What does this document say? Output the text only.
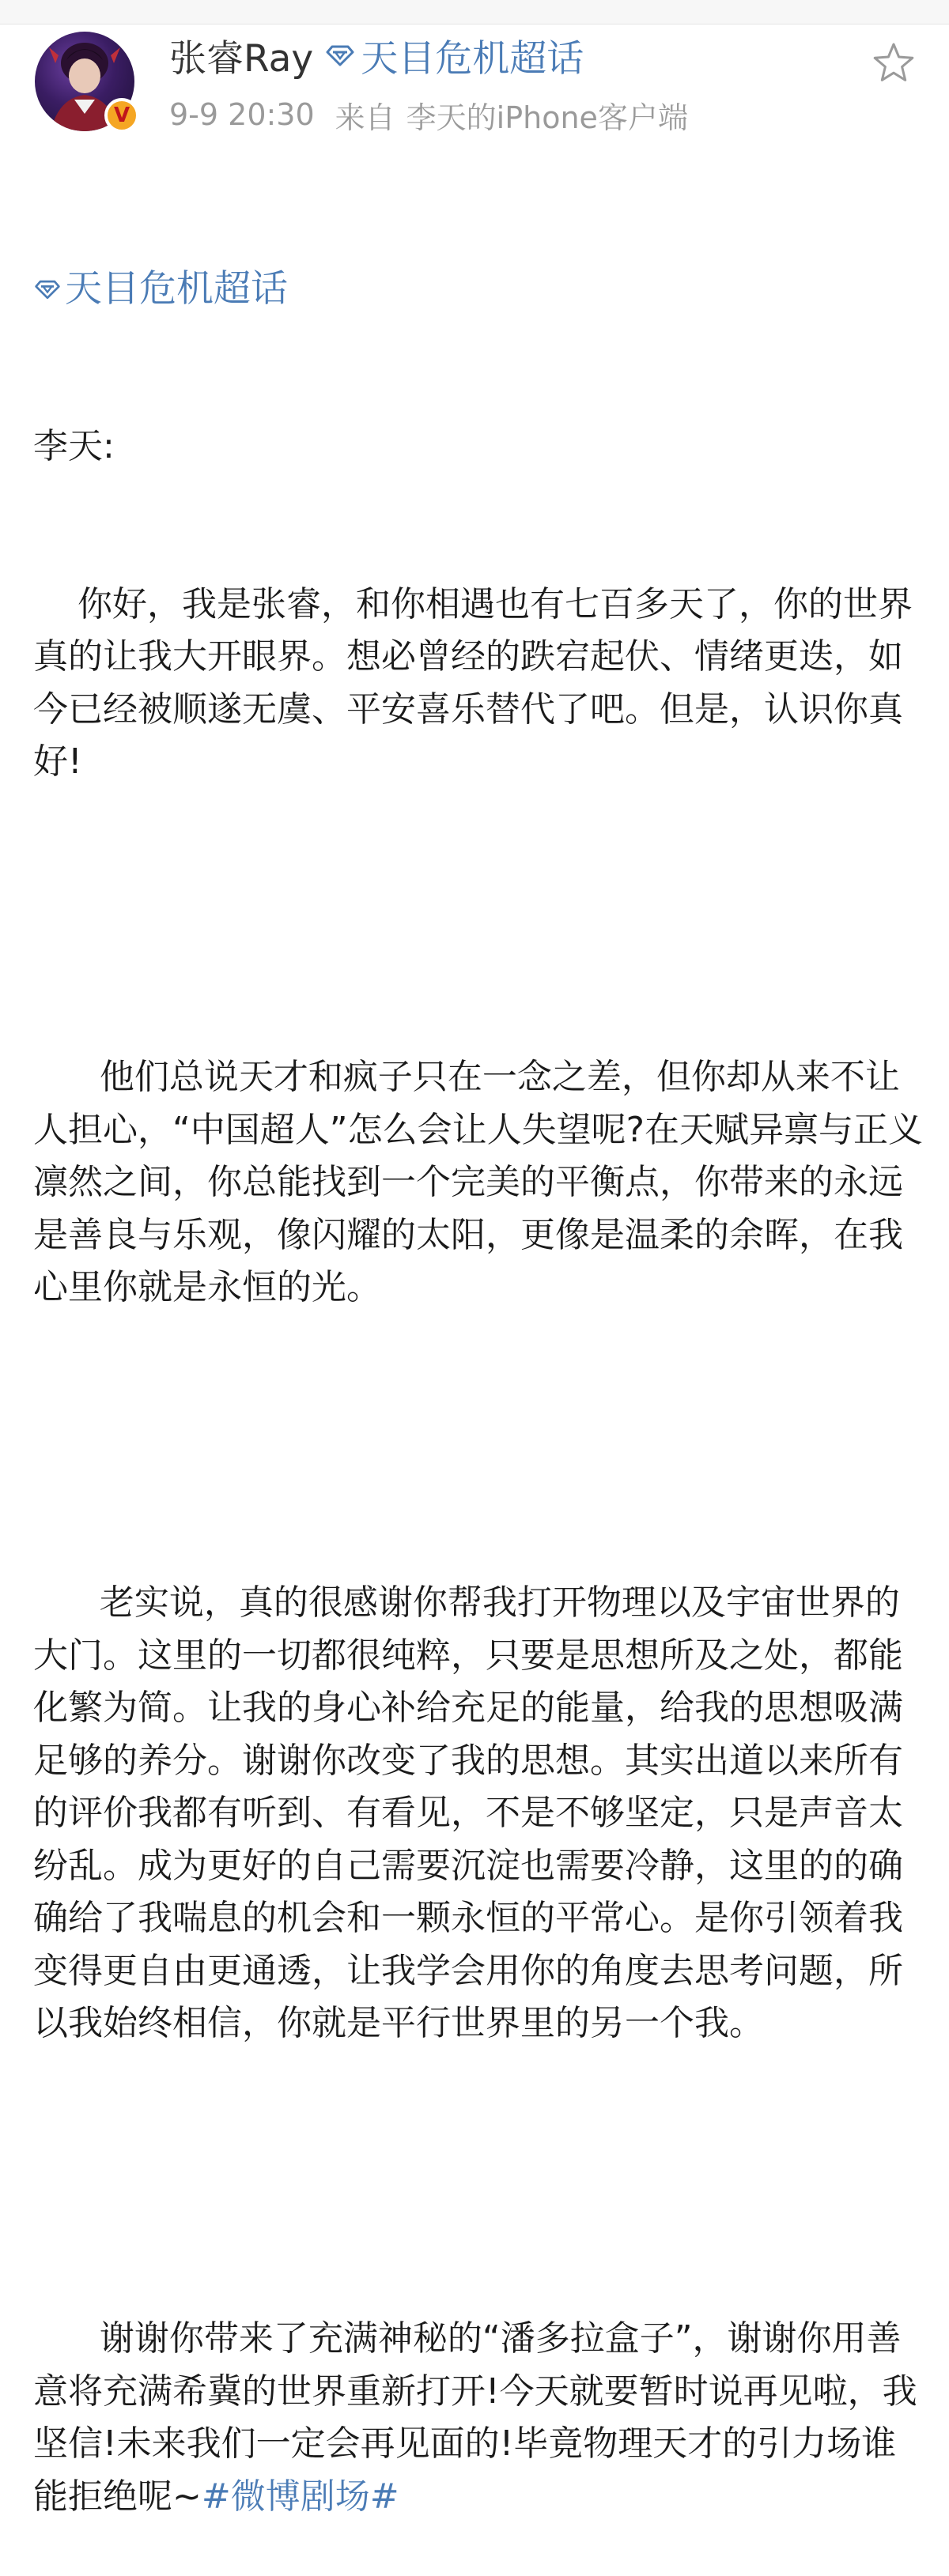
V
张睿Ray 天目危机超话
9-9 20:30 来自 李天的iPhone客户端

天目危机超话

李天:

你好，我是张睿，和你相遇也有七百多天了，你的世界真的让我大开眼界。想必曾经的跌宕起伏、情绪更迭，如今已经被顺遂无虞、平安喜乐替代了吧。但是，认识你真好!

他们总说天才和疯子只在一念之差，但你却从来不让人担心，“中国超人”怎么会让人失望呢?在天赋异禀与正义凛然之间，你总能找到一个完美的平衡点，你带来的永远是善良与乐观，像闪耀的太阳，更像是温柔的余晖，在我心里你就是永恒的光。

老实说，真的很感谢你帮我打开物理以及宇宙世界的大门。这里的一切都很纯粹，只要是思想所及之处，都能化繁为简。让我的身心补给充足的能量，给我的思想吸满足够的养分。谢谢你改变了我的思想。其实出道以来所有的评价我都有听到、有看见，不是不够坚定，只是声音太纷乱。成为更好的自己需要沉淀也需要冷静，这里的的确确给了我喘息的机会和一颗永恒的平常心。是你引领着我变得更自由更通透，让我学会用你的角度去思考问题，所以我始终相信，你就是平行世界里的另一个我。

谢谢你带来了充满神秘的“潘多拉盒子”，谢谢你用善意将充满希冀的世界重新打开!今天就要暂时说再见啦，我坚信!未来我们一定会再见面的!毕竟物理天才的引力场谁能拒绝呢~#微博剧场#
